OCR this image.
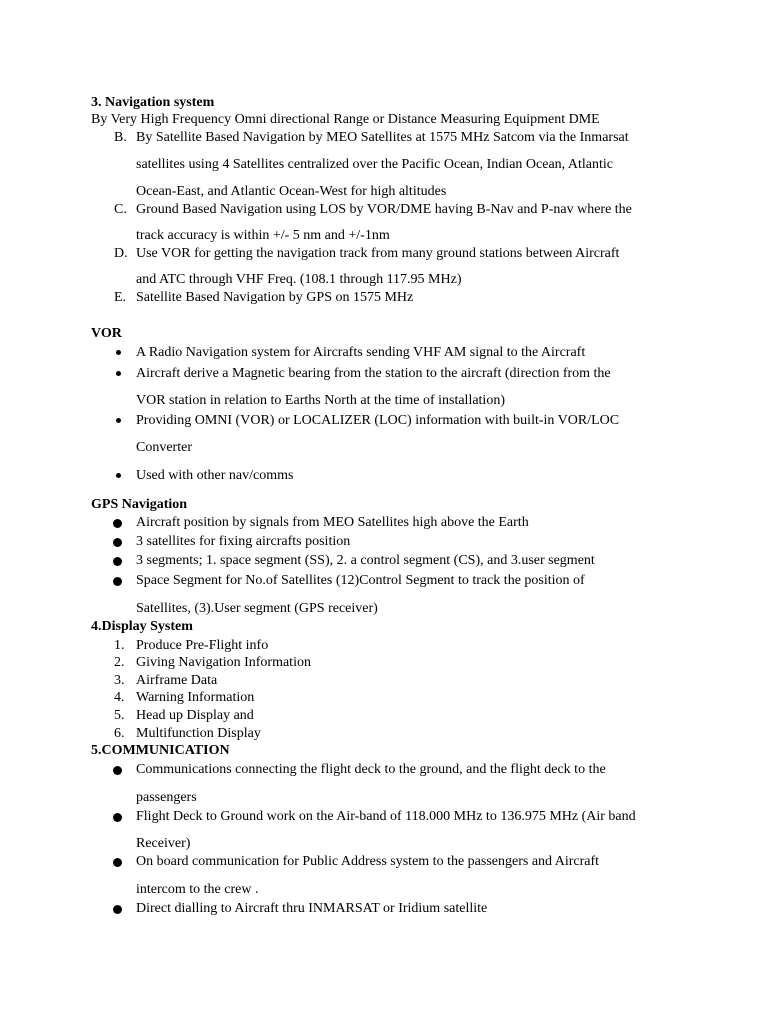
3. Navigation system
By Very High Frequency Omni directional Range or Distance Measuring Equipment DME
B. By Satellite Based Navigation by MEO Satellites at 1575 MHz Satcom via the Inmarsat
satellites using 4 Satellites centralized over the Pacific Ocean, Indian Ocean, Atlantic
Ocean-East, and Atlantic Ocean-West for high altitudes
C. Ground Based Navigation using LOS by VOR/DME having B-Nav and P-nav where the
track accuracy is within +/- 5 nm and +/-1nm
D. Use VOR for getting the navigation track from many ground stations between Aircraft
and ATC through VHF Freq. (108.1 through 117.95 MHz)
E. Satellite Based Navigation by GPS on 1575 MHz
VOR
A Radio Navigation system for Aircrafts sending VHF AM signal to the Aircraft
Aircraft derive a Magnetic bearing from the station to the aircraft (direction from the
VOR station in relation to Earths North at the time of installation)
Providing OMNI (VOR) or LOCALIZER (LOC) information with built-in VOR/LOC
Converter
Used with other nav/comms
GPS Navigation
Aircraft position by signals from MEO Satellites high above the Earth
3 satellites for fixing aircrafts position
3 segments; 1. space segment (SS), 2. a control segment (CS), and 3.user segment
Space Segment for No.of Satellites (12)Control Segment to track the position of
Satellites, (3).User segment (GPS receiver)
4.Display System
1. Produce Pre-Flight info
2. Giving Navigation Information
3. Airframe Data
4. Warning Information
5. Head up Display and
6. Multifunction Display
5.COMMUNICATION
Communications connecting the flight deck to the ground, and the flight deck to the
passengers
Flight Deck to Ground work on the Air-band of 118.000 MHz to 136.975 MHz (Air band
Receiver)
On board communication for Public Address system to the passengers and Aircraft
intercom to the crew .
Direct dialling to Aircraft thru INMARSAT or Iridium satellite
